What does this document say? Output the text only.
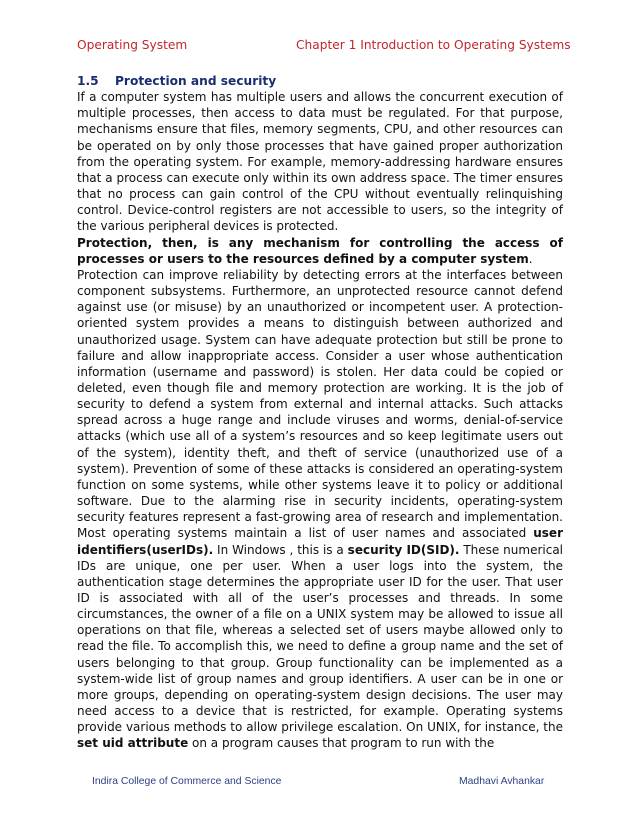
Operating System	Chapter 1 Introduction to Operating Systems
1.5 Protection and security

If a computer system has multiple users and allows the concurrent execution of multiple processes, then access to data must be regulated. For that purpose, mechanisms ensure that files, memory segments, CPU, and other resources can be operated on by only those processes that have gained proper authorization from the operating system. For example, memory-addressing hardware ensures that a process can execute only within its own address space. The timer ensures that no process can gain control of the CPU without eventually relinquishing control. Device-control registers are not accessible to users, so the integrity of the various peripheral devices is protected.

Protection, then, is any mechanism for controlling the access of processes or users to the resources defined by a computer system.

Protection can improve reliability by detecting errors at the interfaces between component subsystems. Furthermore, an unprotected resource cannot defend against use (or misuse) by an unauthorized or incompetent user. A protection-oriented system provides a means to distinguish between authorized and unauthorized usage. System can have adequate protection but still be prone to failure and allow inappropriate access. Consider a user whose authentication information (username and password) is stolen. Her data could be copied or deleted, even though file and memory protection are working. It is the job of security to defend a system from external and internal attacks. Such attacks spread across a huge range and include viruses and worms, denial-of-service attacks (which use all of a system’s resources and so keep legitimate users out of the system), identity theft, and theft of service (unauthorized use of a system). Prevention of some of these attacks is considered an operating-system function on some systems, while other systems leave it to policy or additional software. Due to the alarming rise in security incidents, operating-system security features represent a fast-growing area of research and implementation. Most operating systems maintain a list of user names and associated user identifiers(userIDs). In Windows , this is a security ID(SID). These numerical IDs are unique, one per user. When a user logs into the system, the authentication stage determines the appropriate user ID for the user. That user ID is associated with all of the user’s processes and threads. In some circumstances, the owner of a file on a UNIX system may be allowed to issue all operations on that file, whereas a selected set of users maybe allowed only to read the file. To accomplish this, we need to define a group name and the set of users belonging to that group. Group functionality can be implemented as a system-wide list of group names and group identifiers. A user can be in one or more groups, depending on operating-system design decisions. The user may need access to a device that is restricted, for example. Operating systems provide various methods to allow privilege escalation. On UNIX, for instance, the set uid attribute on a program causes that program to run with the

Indira College of Commerce and Science	Madhavi Avhankar
